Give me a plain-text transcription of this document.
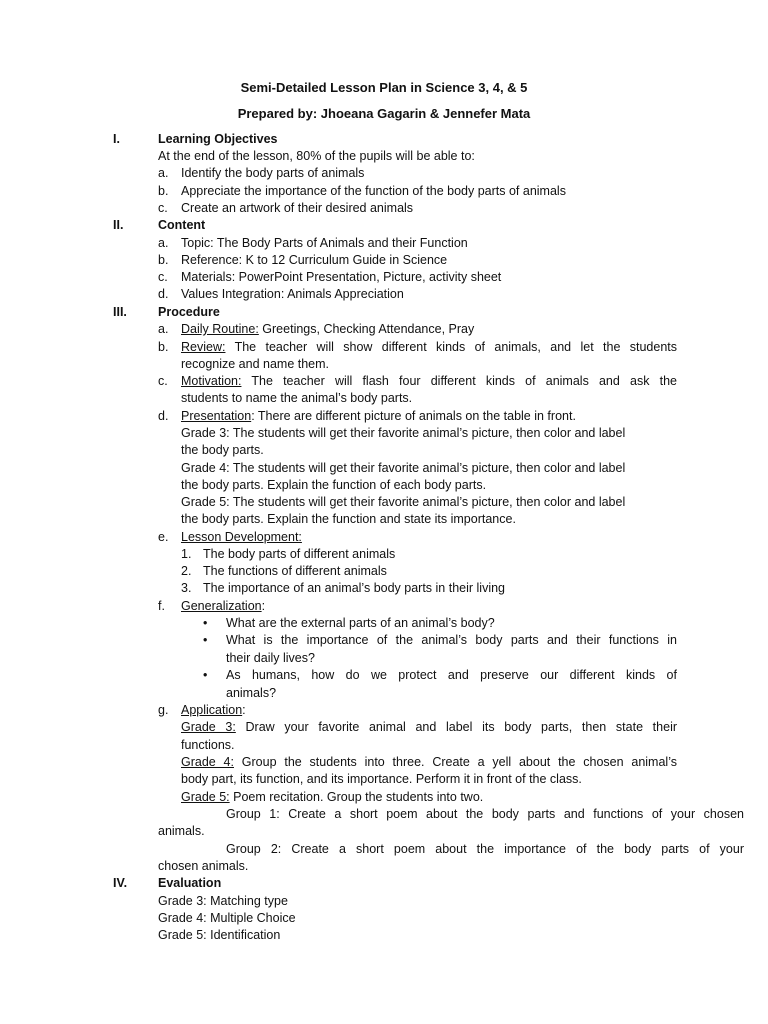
Semi-Detailed Lesson Plan in Science 3, 4, & 5
Prepared by: Jhoeana Gagarin & Jennefer Mata
I.	Learning Objectives
At the end of the lesson, 80% of the pupils will be able to:
a. Identify the body parts of animals
b. Appreciate the importance of the function of the body parts of animals
c. Create an artwork of their desired animals
II.	Content
a. Topic: The Body Parts of Animals and their Function
b. Reference: K to 12 Curriculum Guide in Science
c. Materials: PowerPoint Presentation, Picture, activity sheet
d. Values Integration: Animals Appreciation
III. Procedure
a. Daily Routine: Greetings, Checking Attendance, Pray
b. Review: The teacher will show different kinds of animals, and let the students
recognize and name them.
c. Motivation: The teacher will flash four different kinds of animals and ask the
students to name the animal’s body parts.
d. Presentation: There are different picture of animals on the table in front.
Grade 3: The students will get their favorite animal’s picture, then color and label
the body parts.
Grade 4: The students will get their favorite animal’s picture, then color and label
the body parts. Explain the function of each body parts.
Grade 5: The students will get their favorite animal’s picture, then color and label
the body parts. Explain the function and state its importance.
e. Lesson Development:
1. The body parts of different animals
2. The functions of different animals
3. The importance of an animal’s body parts in their living
f. Generalization:
•
What are the external parts of an animal’s body?
•
What is the importance of the animal’s body parts and their functions in
their daily lives?
•
As humans, how do we protect and preserve our different kinds of
animals?
g. Application:
Grade 3: Draw your favorite animal and label its body parts, then state their
functions.
Grade 4: Group the students into three. Create a yell about the chosen animal’s
body part, its function, and its importance. Perform it in front of the class.
Grade 5: Poem recitation. Group the students into two.
Group 1: Create a short poem about the body parts and functions of your chosen
animals.
Group 2: Create a short poem about the importance of the body parts of your
chosen animals.
IV. Evaluation
Grade 3: Matching type
Grade 4: Multiple Choice
Grade 5: Identification
